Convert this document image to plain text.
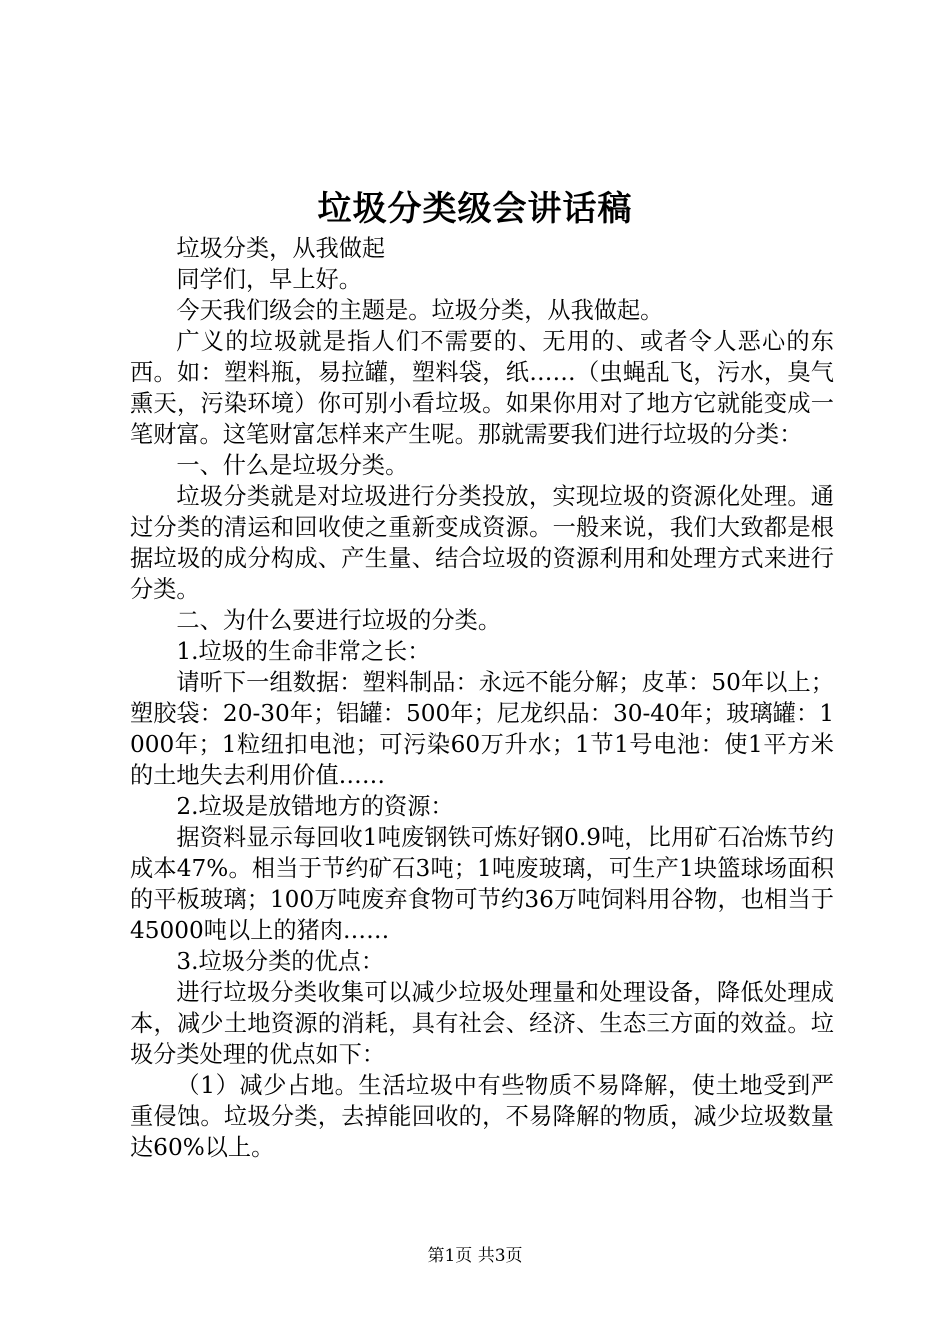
垃圾分类级会讲话稿

垃圾分类，从我做起

同学们，早上好。

今天我们级会的主题是。垃圾分类，从我做起。

广义的垃圾就是指人们不需要的、无用的、或者令人恶心的东西。如：塑料瓶，易拉罐，塑料袋，纸……（虫蝇乱飞，污水，臭气熏天，污染环境）你可别小看垃圾。如果你用对了地方它就能变成一笔财富。这笔财富怎样来产生呢。那就需要我们进行垃圾的分类：

一、什么是垃圾分类。

垃圾分类就是对垃圾进行分类投放，实现垃圾的资源化处理。通过分类的清运和回收使之重新变成资源。一般来说，我们大致都是根据垃圾的成分构成、产生量、结合垃圾的资源利用和处理方式来进行分类。

二、为什么要进行垃圾的分类。

1.垃圾的生命非常之长：

请听下一组数据：塑料制品：永远不能分解；皮革：50年以上；塑胶袋：20-30年；铝罐：500年；尼龙织品：30-40年；玻璃罐：1000年；1粒纽扣电池；可污染60万升水；1节1号电池：使1平方米的土地失去利用价值……

2.垃圾是放错地方的资源：

据资料显示每回收1吨废钢铁可炼好钢0.9吨，比用矿石冶炼节约成本47%。相当于节约矿石3吨；1吨废玻璃，可生产1块篮球场面积的平板玻璃；100万吨废弃食物可节约36万吨饲料用谷物，也相当于45000吨以上的猪肉……

3.垃圾分类的优点：

进行垃圾分类收集可以减少垃圾处理量和处理设备，降低处理成本，减少土地资源的消耗，具有社会、经济、生态三方面的效益。垃圾分类处理的优点如下：

（1）减少占地。生活垃圾中有些物质不易降解，使土地受到严重侵蚀。垃圾分类，去掉能回收的，不易降解的物质，减少垃圾数量达60%以上。

第1页 共3页
